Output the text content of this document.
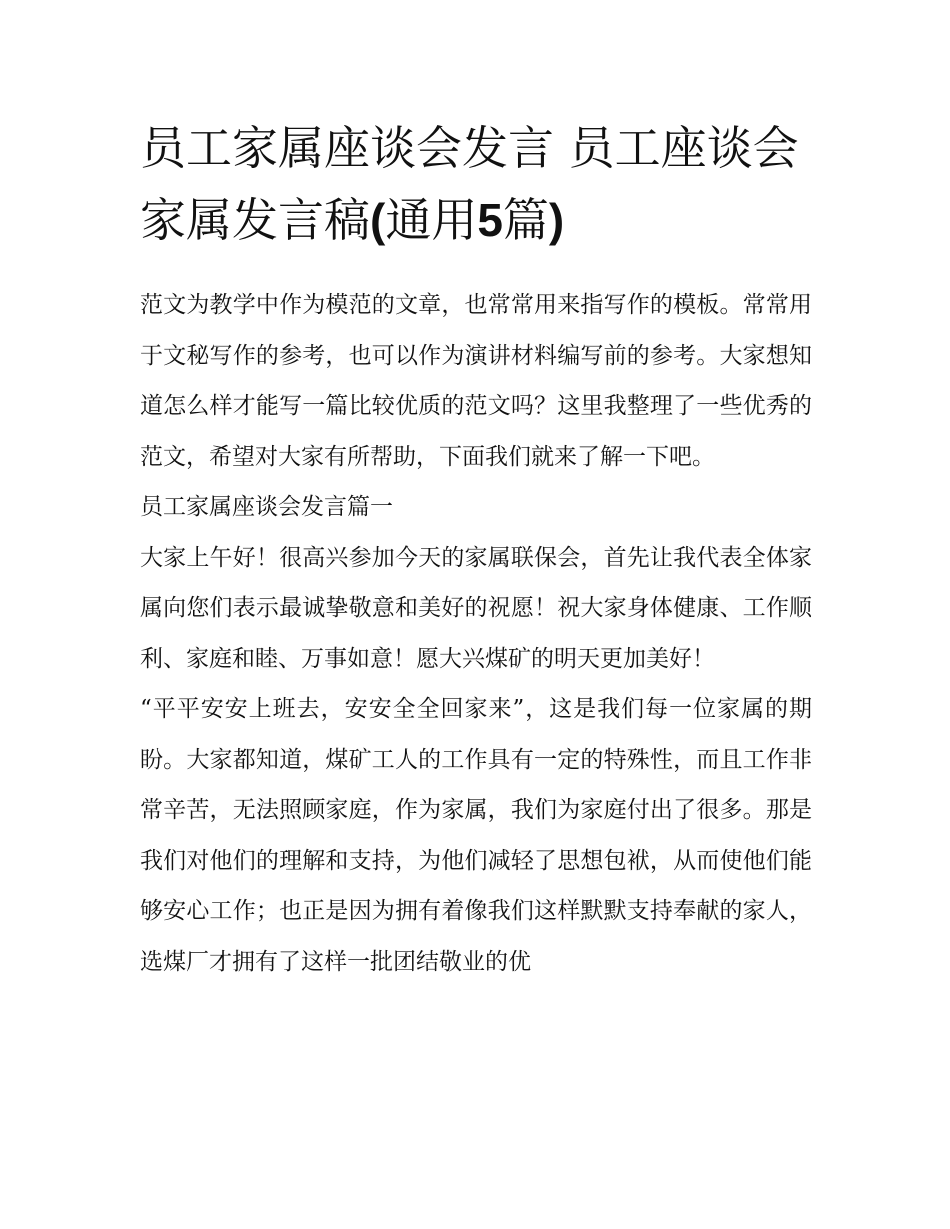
员工家属座谈会发言 员工座谈会家属发言稿(通用5篇)

范文为教学中作为模范的文章，也常常用来指写作的模板。常常用于文秘写作的参考，也可以作为演讲材料编写前的参考。大家想知道怎么样才能写一篇比较优质的范文吗？这里我整理了一些优秀的范文，希望对大家有所帮助，下面我们就来了解一下吧。

员工家属座谈会发言篇一

大家上午好！很高兴参加今天的家属联保会，首先让我代表全体家属向您们表示最诚挚敬意和美好的祝愿！祝大家身体健康、工作顺利、家庭和睦、万事如意！愿大兴煤矿的明天更加美好！

“平平安安上班去，安安全全回家来”，这是我们每一位家属的期盼。大家都知道，煤矿工人的工作具有一定的特殊性，而且工作非常辛苦，无法照顾家庭，作为家属，我们为家庭付出了很多。那是我们对他们的理解和支持，为他们减轻了思想包袱，从而使他们能够安心工作；也正是因为拥有着像我们这样默默支持奉献的家人，选煤厂才拥有了这样一批团结敬业的优
